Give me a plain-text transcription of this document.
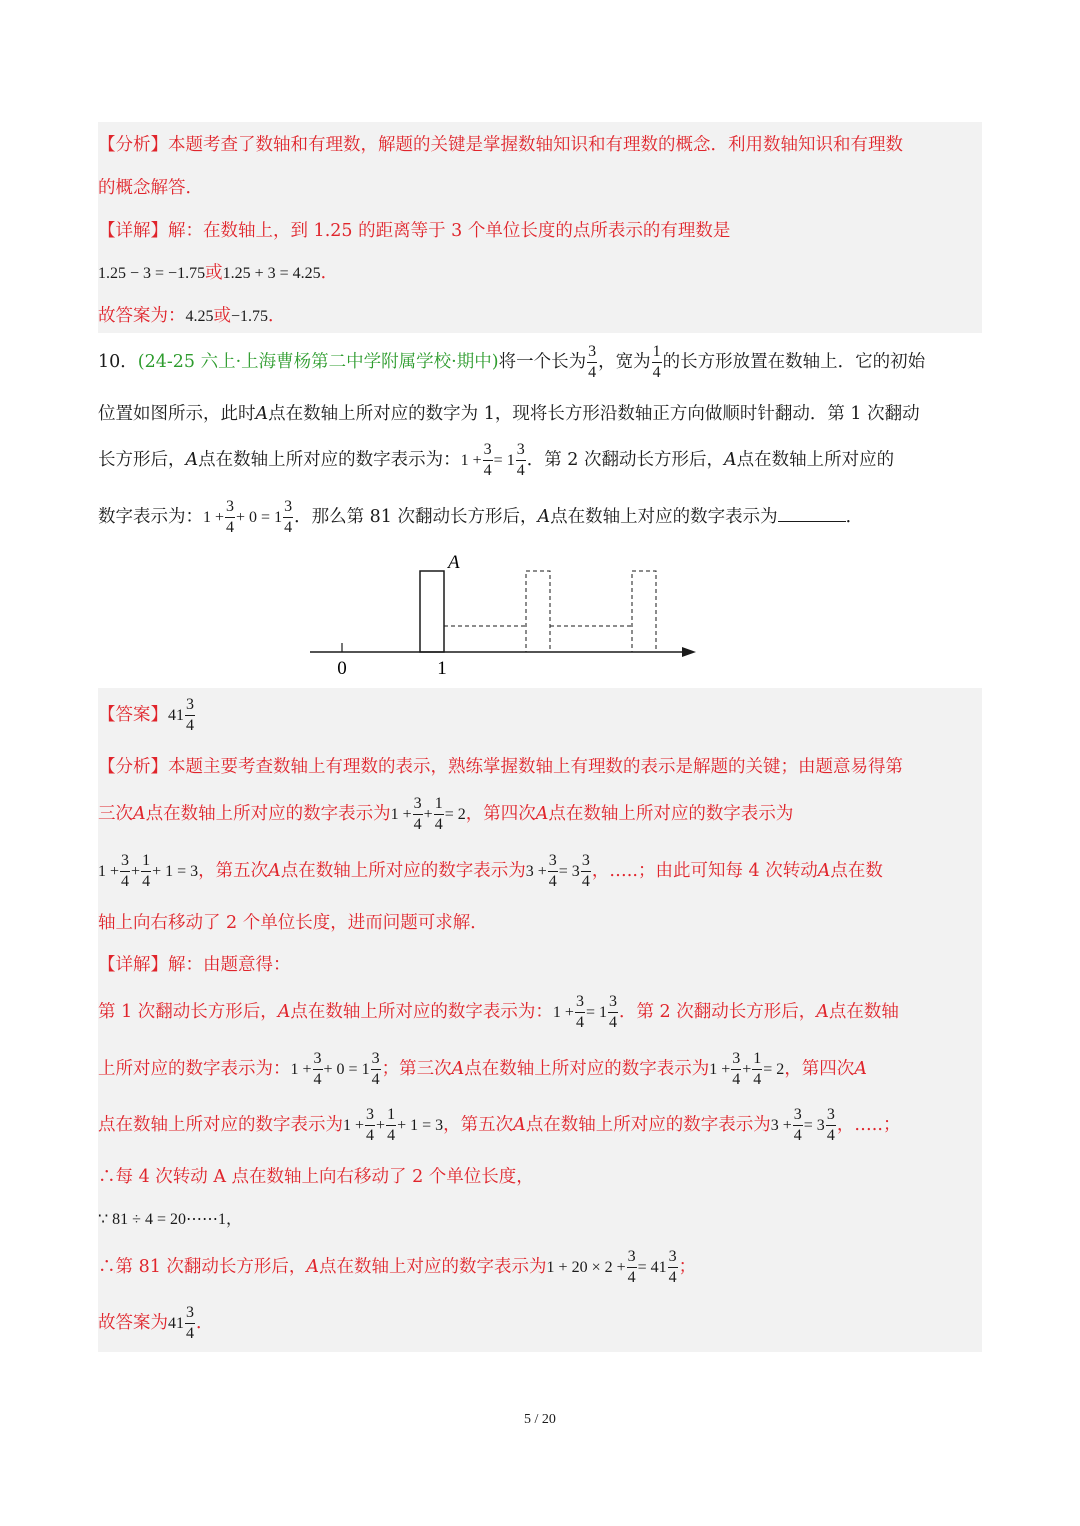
【分析】本题考查了数轴和有理数，解题的关键是掌握数轴知识和有理数的概念．利用数轴知识和有理数
的概念解答．
【详解】解：在数轴上，到 1.25 的距离等于 3 个单位长度的点所表示的有理数是
1.25 − 3 = −1.75或1.25 + 3 = 4.25．
故答案为：4.25或−1.75．
10．(24-25 六上·上海曹杨第二中学附属学校·期中)将一个长为 $\frac{3}{4}$ ，宽为 $\frac{1}{4}$ 的长方形放置在数轴上．它的初始
位置如图所示，此时A点在数轴上所对应的数字为 1，现将长方形沿数轴正方向做顺时针翻动．第 1 次翻动
长方形后，A点在数轴上所对应的数字表示为：$1 + \frac{3}{4} = 1 \frac{3}{4}$ ．第 2 次翻动长方形后，A点在数轴上所对应的
数字表示为：$1 + \frac{3}{4} + 0 = 1 \frac{3}{4}$ ．那么第 81 次翻动长方形后，A点在数轴上对应的数字表示为	．
A
0	1
【答案】$41 \frac{3}{4}$
【分析】本题主要考查数轴上有理数的表示，熟练掌握数轴上有理数的表示是解题的关键；由题意易得第
三次A点在数轴上所对应的数字表示为$1 + \frac{3}{4} + \frac{1}{4} = 2$，第四次A点在数轴上所对应的数字表示为
$1 + \frac{3}{4} + \frac{1}{4} + 1 = 3$，第五次A点在数轴上所对应的数字表示为$3 + \frac{3}{4} = 3 \frac{3}{4}$ ，…..；由此可知每 4 次转动A点在数
轴上向右移动了 2 个单位长度，进而问题可求解．
【详解】解：由题意得：
第 1 次翻动长方形后，A点在数轴上所对应的数字表示为：$1 + \frac{3}{4} = 1 \frac{3}{4}$ ．第 2 次翻动长方形后，A点在数轴
上所对应的数字表示为：$1 + \frac{3}{4} + 0 = 1 \frac{3}{4}$ ；第三次A点在数轴上所对应的数字表示为$1 + \frac{3}{4} + \frac{1}{4} = 2$，第四次A
点在数轴上所对应的数字表示为$1 + \frac{3}{4} + \frac{1}{4} + 1 = 3$，第五次A点在数轴上所对应的数字表示为$3 + \frac{3}{4} = 3 \frac{3}{4}$ ，…..；
∴每 4 次转动 A 点在数轴上向右移动了 2 个单位长度，
∵ 81 ÷ 4 = 20⋯⋯1，
∴第 81 次翻动长方形后，A点在数轴上对应的数字表示为$1 + 20 \times 2 + \frac{3}{4} = 41 \frac{3}{4}$ ；
故答案为$41 \frac{3}{4}$ ．
5 / 20
